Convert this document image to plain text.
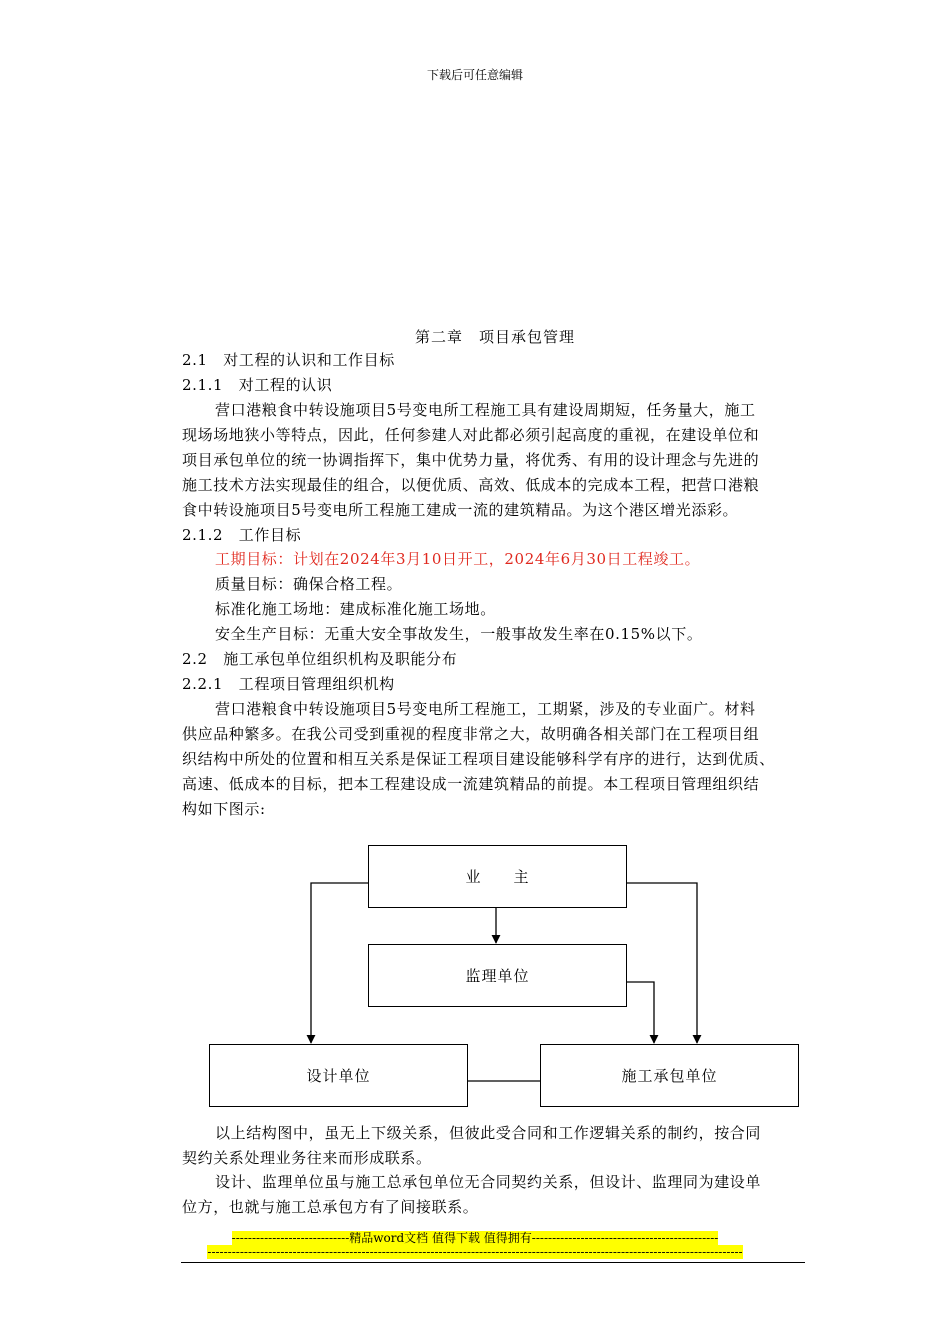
下载后可任意编辑
第二章　项目承包管理
2.1　对工程的认识和工作目标
2.1.1　对工程的认识
营口港粮食中转设施项目5号变电所工程施工具有建设周期短，任务量大，施工
现场场地狭小等特点，因此，任何参建人对此都必须引起高度的重视，在建设单位和
项目承包单位的统一协调指挥下，集中优势力量，将优秀、有用的设计理念与先进的
施工技术方法实现最佳的组合，以便优质、高效、低成本的完成本工程，把营口港粮
食中转设施项目5号变电所工程施工建成一流的建筑精品。为这个港区增光添彩。
2.1.2　工作目标
工期目标：计划在2024年3月10日开工，2024年6月30日工程竣工。
质量目标：确保合格工程。
标准化施工场地：建成标准化施工场地。
安全生产目标：无重大安全事故发生，一般事故发生率在0.15%以下。
2.2　施工承包单位组织机构及职能分布
2.2.1　工程项目管理组织机构
营口港粮食中转设施项目5号变电所工程施工，工期紧，涉及的专业面广。材料
供应品种繁多。在我公司受到重视的程度非常之大，故明确各相关部门在工程项目组
织结构中所处的位置和相互关系是保证工程项目建设能够科学有序的进行，达到优质、
高速、低成本的目标，把本工程建设成一流建筑精品的前提。本工程项目管理组织结
构如下图示:
业　　主
监理单位
设计单位	施工承包单位
以上结构图中，虽无上下级关系，但彼此受合同和工作逻辑关系的制约，按合同
契约关系处理业务往来而形成联系。
设计、监理单位虽与施工总承包单位无合同契约关系，但设计、监理同为建设单
位方，也就与施工总承包方有了间接联系。
-----------------------------精品word文档 值得下载 值得拥有----------------------------------------------
------------------------------------------------------------------------------------------------------------------------------------
